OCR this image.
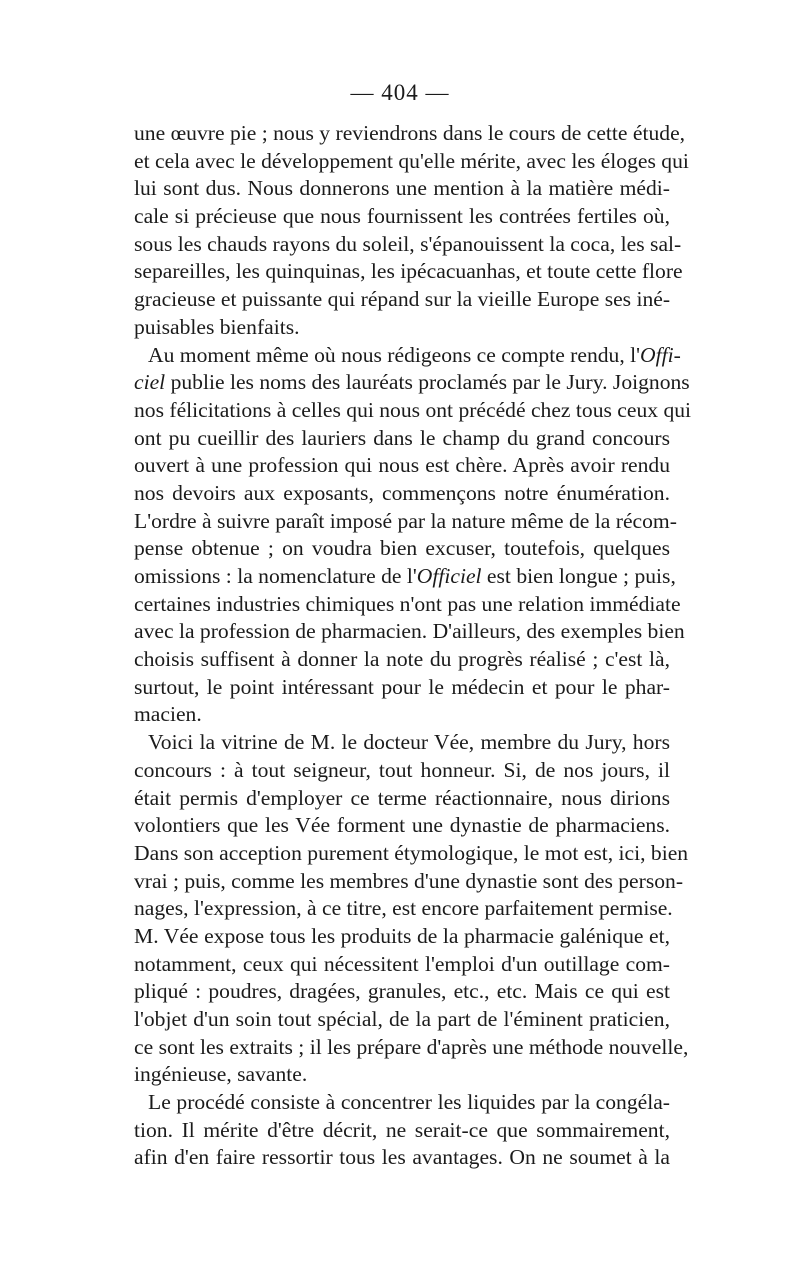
— 404 —
une œuvre pie ; nous y reviendrons dans le cours de cette étude,
et cela avec le développement qu'elle mérite, avec les éloges qui
lui sont dus. Nous donnerons une mention à la matière médi-
cale si précieuse que nous fournissent les contrées fertiles où,
sous les chauds rayons du soleil, s'épanouissent la coca, les sal-
separeilles, les quinquinas, les ipécacuanhas, et toute cette flore
gracieuse et puissante qui répand sur la vieille Europe ses iné-
puisables bienfaits.
Au moment même où nous rédigeons ce compte rendu, l'Offi-
ciel publie les noms des lauréats proclamés par le Jury. Joignons
nos félicitations à celles qui nous ont précédé chez tous ceux qui
ont pu cueillir des lauriers dans le champ du grand concours
ouvert à une profession qui nous est chère. Après avoir rendu
nos devoirs aux exposants, commençons notre énumération.
L'ordre à suivre paraît imposé par la nature même de la récom-
pense obtenue ; on voudra bien excuser, toutefois, quelques
omissions : la nomenclature de l'Officiel est bien longue ; puis,
certaines industries chimiques n'ont pas une relation immédiate
avec la profession de pharmacien. D'ailleurs, des exemples bien
choisis suffisent à donner la note du progrès réalisé ; c'est là,
surtout, le point intéressant pour le médecin et pour le phar-
macien.
Voici la vitrine de M. le docteur Vée, membre du Jury, hors
concours : à tout seigneur, tout honneur. Si, de nos jours, il
était permis d'employer ce terme réactionnaire, nous dirions
volontiers que les Vée forment une dynastie de pharmaciens.
Dans son acception purement étymologique, le mot est, ici, bien
vrai ; puis, comme les membres d'une dynastie sont des person-
nages, l'expression, à ce titre, est encore parfaitement permise.
M. Vée expose tous les produits de la pharmacie galénique et,
notamment, ceux qui nécessitent l'emploi d'un outillage com-
pliqué : poudres, dragées, granules, etc., etc. Mais ce qui est
l'objet d'un soin tout spécial, de la part de l'éminent praticien,
ce sont les extraits ; il les prépare d'après une méthode nouvelle,
ingénieuse, savante.
Le procédé consiste à concentrer les liquides par la congéla-
tion. Il mérite d'être décrit, ne serait-ce que sommairement,
afin d'en faire ressortir tous les avantages. On ne soumet à la
